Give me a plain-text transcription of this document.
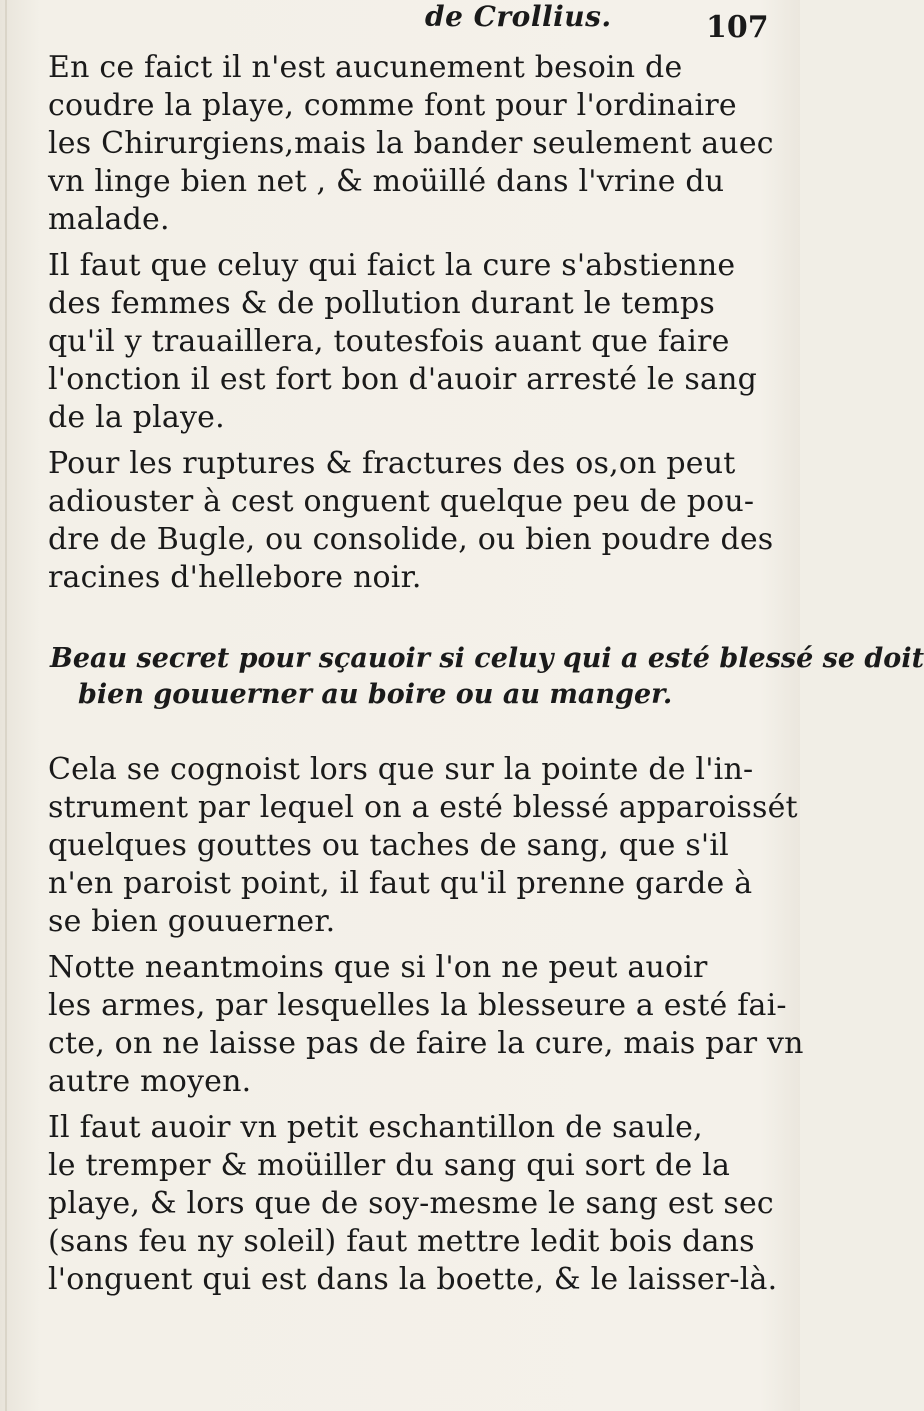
de Crollius.	107
En ce faict il n'est aucunement besoin de
coudre la playe, comme font pour l'ordinaire
les Chirurgiens,mais la bander seulement auec
vn linge bien net , & moüillé dans l'vrine du
malade.
Il faut que celuy qui faict la cure s'abstienne
des femmes & de pollution durant le temps
qu'il y trauaillera, toutesfois auant que faire
l'onction il est fort bon d'auoir arresté le sang
de la playe.
Pour les ruptures & fractures des os,on peut
adiouster à cest onguent quelque peu de pou-
dre de Bugle, ou consolide, ou bien poudre des
racines d'hellebore noir.
Beau secret pour sçauoir si celuy qui a esté blessé se doit
bien gouuerner au boire ou au manger.
Cela se cognoist lors que sur la pointe de l'in-
strument par lequel on a esté blessé apparoissét
quelques gouttes ou taches de sang, que s'il
n'en paroist point, il faut qu'il prenne garde à
se bien gouuerner.
Notte neantmoins que si l'on ne peut auoir
les armes, par lesquelles la blesseure a esté fai-
cte, on ne laisse pas de faire la cure, mais par vn
autre moyen.
Il faut auoir vn petit eschantillon de saule,
le tremper & moüiller du sang qui sort de la
playe, & lors que de soy-mesme le sang est sec
(sans feu ny soleil) faut mettre ledit bois dans
l'onguent qui est dans la boette, & le laisser-là.
